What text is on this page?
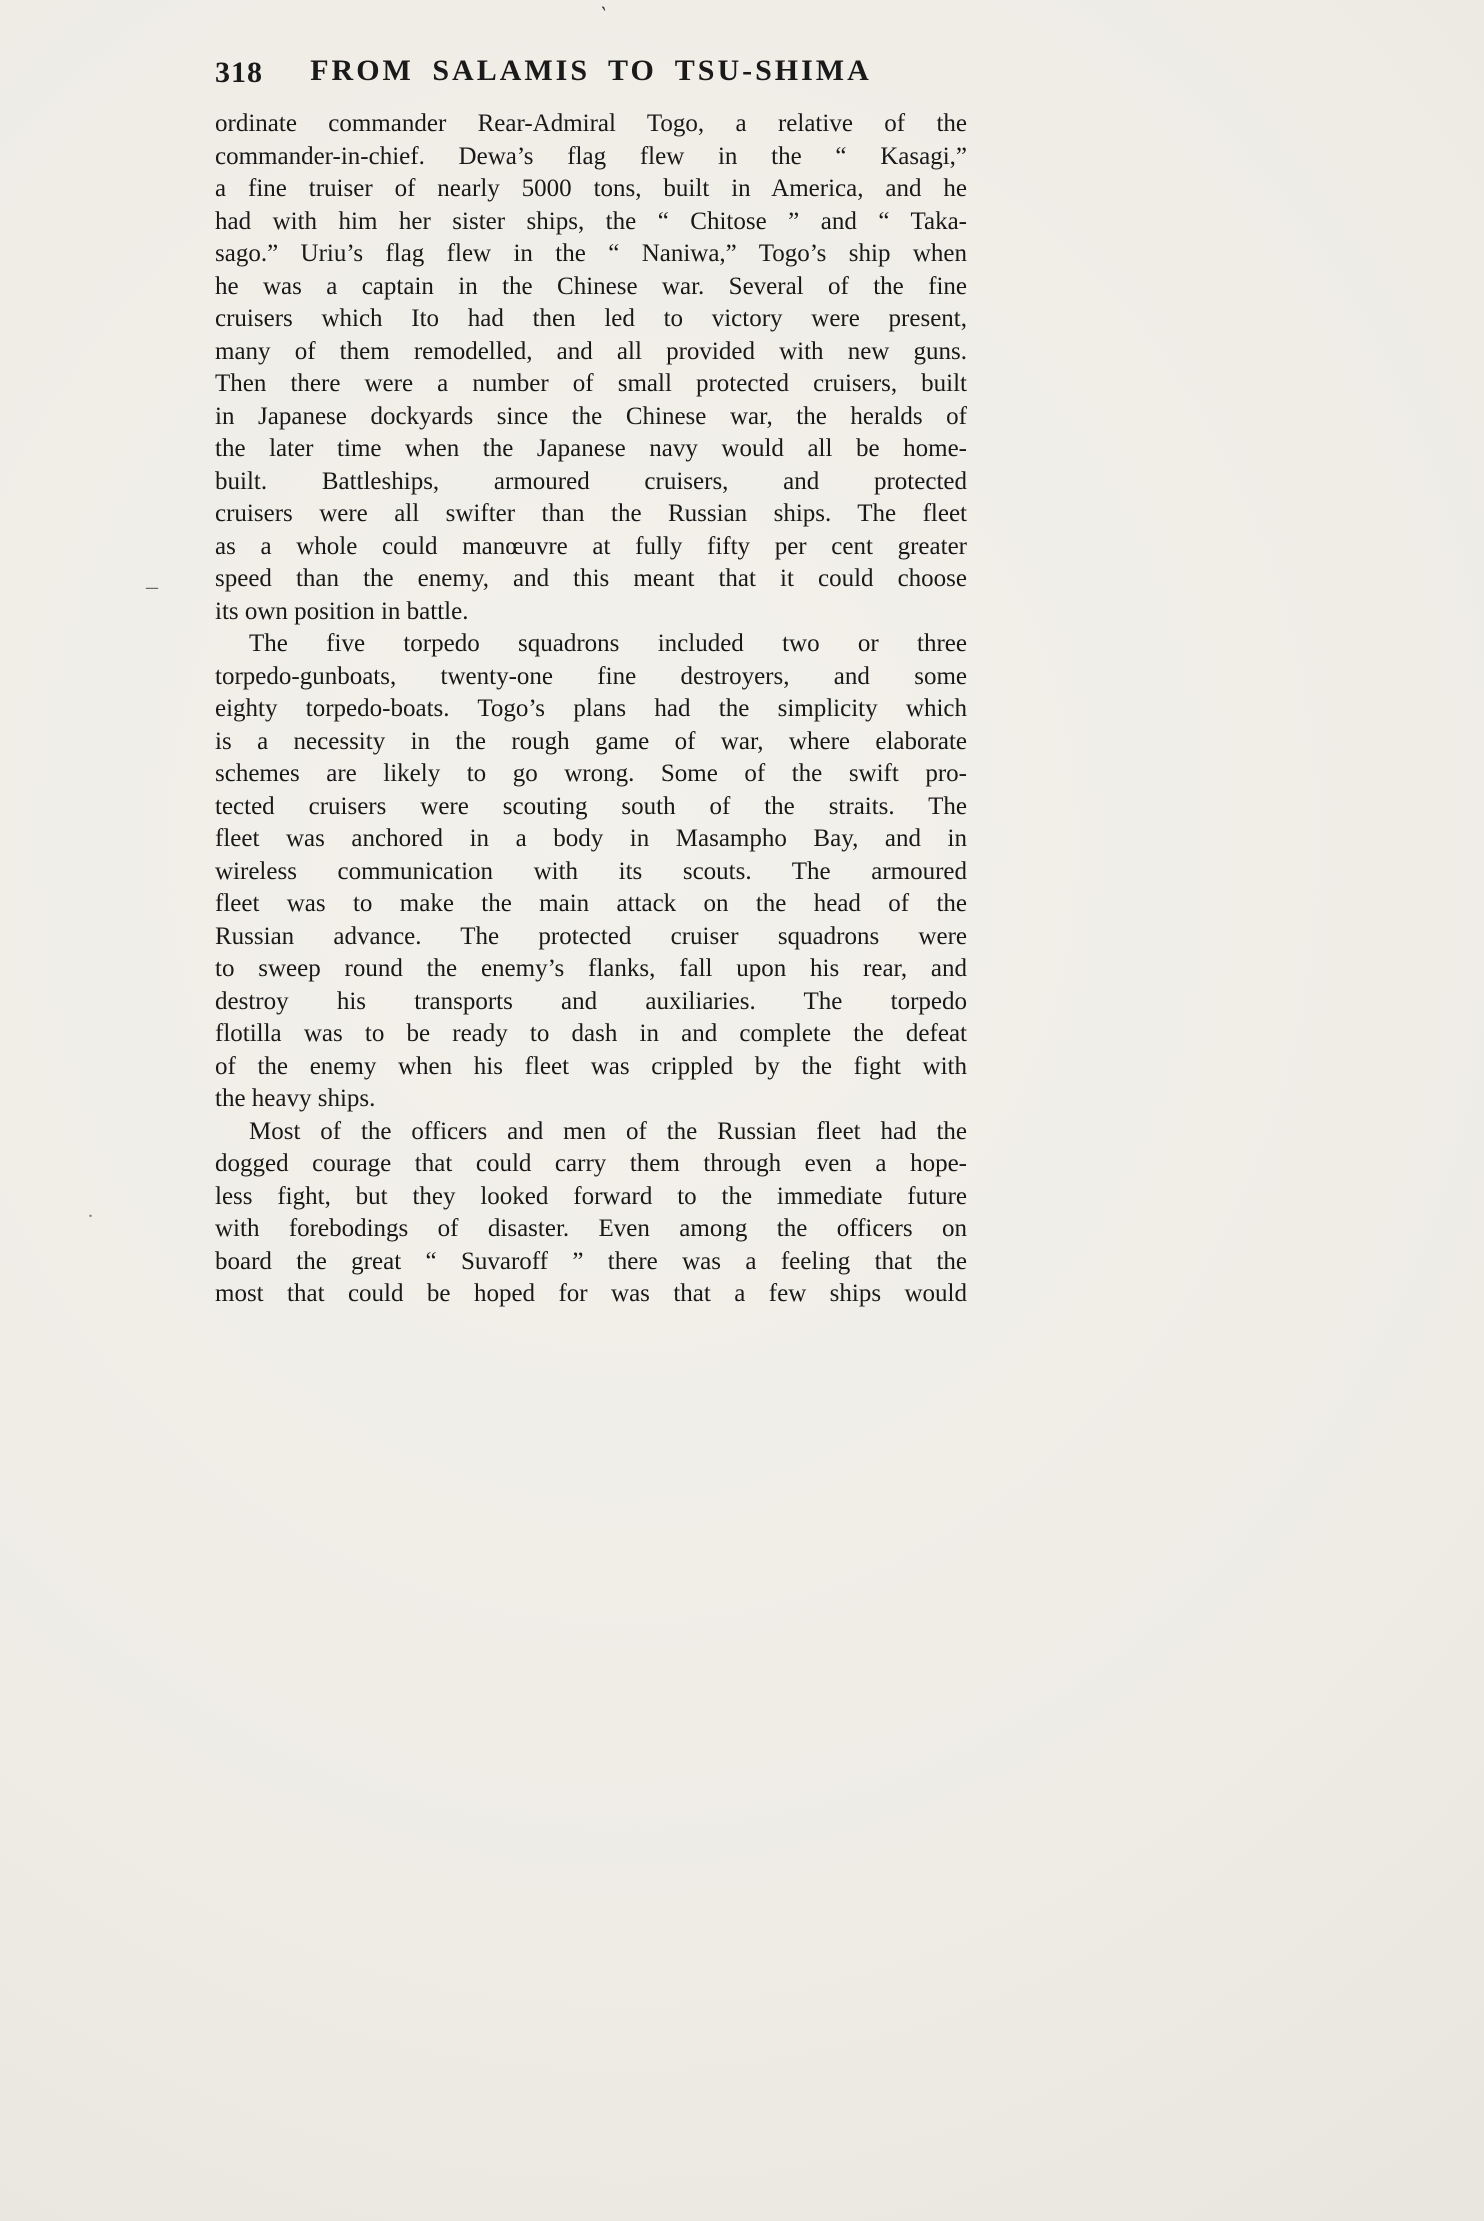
`
–
.
318	FROM SALAMIS TO TSU-SHIMA
ordinate commander Rear-Admiral Togo, a relative of the
commander-in-chief. Dewa’s flag flew in the “ Kasagi,”
a fine truiser of nearly 5000 tons, built in America, and he
had with him her sister ships, the “ Chitose ” and “ Taka-
sago.” Uriu’s flag flew in the “ Naniwa,” Togo’s ship when
he was a captain in the Chinese war. Several of the fine
cruisers which Ito had then led to victory were present,
many of them remodelled, and all provided with new guns.
Then there were a number of small protected cruisers, built
in Japanese dockyards since the Chinese war, the heralds of
the later time when the Japanese navy would all be home-
built. Battleships, armoured cruisers, and protected
cruisers were all swifter than the Russian ships. The fleet
as a whole could manœuvre at fully fifty per cent greater
speed than the enemy, and this meant that it could choose
its own position in battle.
The five torpedo squadrons included two or three
torpedo-gunboats, twenty-one fine destroyers, and some
eighty torpedo-boats. Togo’s plans had the simplicity which
is a necessity in the rough game of war, where elaborate
schemes are likely to go wrong. Some of the swift pro-
tected cruisers were scouting south of the straits. The
fleet was anchored in a body in Masampho Bay, and in
wireless communication with its scouts. The armoured
fleet was to make the main attack on the head of the
Russian advance. The protected cruiser squadrons were
to sweep round the enemy’s flanks, fall upon his rear, and
destroy his transports and auxiliaries. The torpedo
flotilla was to be ready to dash in and complete the defeat
of the enemy when his fleet was crippled by the fight with
the heavy ships.
Most of the officers and men of the Russian fleet had the
dogged courage that could carry them through even a hope-
less fight, but they looked forward to the immediate future
with forebodings of disaster. Even among the officers on
board the great “ Suvaroff ” there was a feeling that the
most that could be hoped for was that a few ships would
